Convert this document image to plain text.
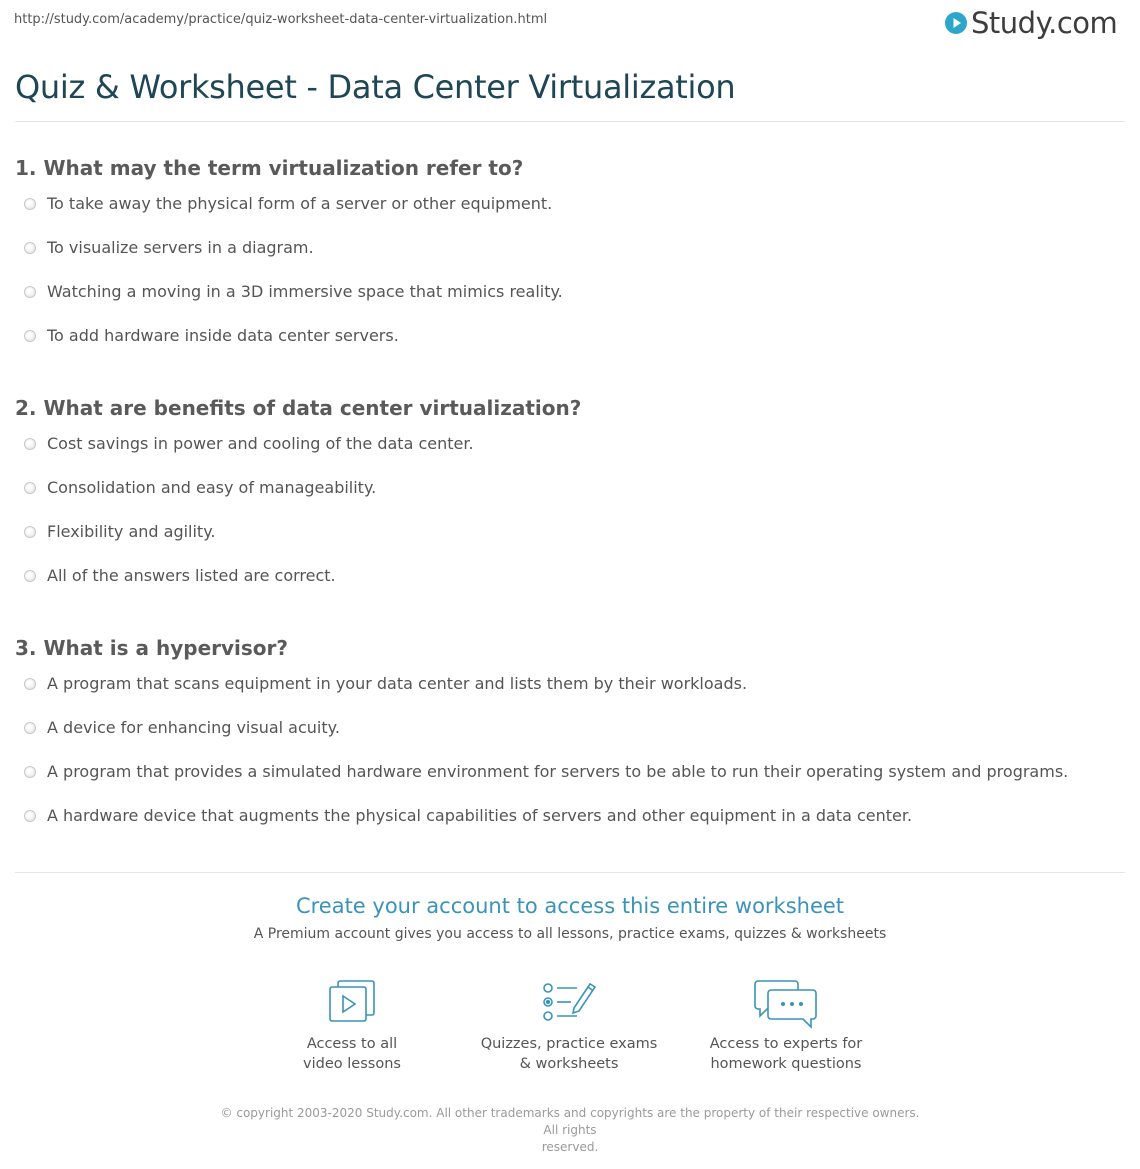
http://study.com/academy/practice/quiz-worksheet-data-center-virtualization.html	Study.com
Quiz & Worksheet - Data Center Virtualization
1. What may the term virtualization refer to?
To take away the physical form of a server or other equipment.
To visualize servers in a diagram.
Watching a moving in a 3D immersive space that mimics reality.
To add hardware inside data center servers.
2. What are benefits of data center virtualization?
Cost savings in power and cooling of the data center.
Consolidation and easy of manageability.
Flexibility and agility.
All of the answers listed are correct.
3. What is a hypervisor?
A program that scans equipment in your data center and lists them by their workloads.
A device for enhancing visual acuity.
A program that provides a simulated hardware environment for servers to be able to run their operating system and programs.
A hardware device that augments the physical capabilities of servers and other equipment in a data center.
Create your account to access this entire worksheet
A Premium account gives you access to all lessons, practice exams, quizzes & worksheets
Access to all
video lessons
Quizzes, practice exams
& worksheets
Access to experts for
homework questions
© copyright 2003-2020 Study.com. All other trademarks and copyrights are the property of their respective owners. All rights
reserved.
